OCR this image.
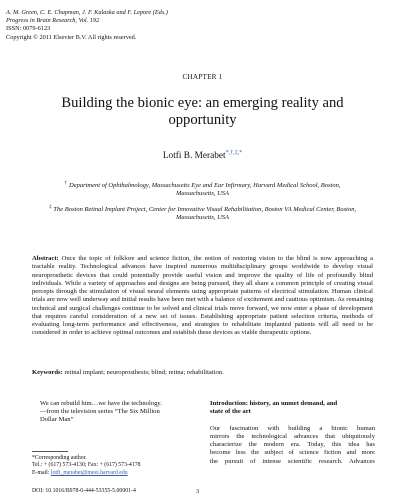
A. M. Green, C. E. Chapman, J. F. Kalaska and F. Lepore (Eds.)
Progress in Brain Research, Vol. 192
ISSN: 0079-6123
Copyright © 2011 Elsevier B.V. All rights reserved.
CHAPTER 1
Building the bionic eye: an emerging reality and
opportunity
Lotfi B. Merabet*,†,‡,*
† Department of Ophthalmology, Massachusetts Eye and Ear Infirmary, Harvard Medical School, Boston,
Massachusetts, USA
‡ The Boston Retinal Implant Project, Center for Innovative Visual Rehabilitation, Boston VA Medical Center, Boston,
Massachusetts, USA
Abstract: Once the topic of folklore and science fiction, the notion of restoring vision to the blind is now approaching a tractable reality. Technological advances have inspired numerous multidisciplinary groups worldwide to develop visual neuroprosthetic devices that could potentially provide useful vision and improve the quality of life of profoundly blind individuals. While a variety of approaches and designs are being pursued, they all share a common principle of creating visual percepts through the stimulation of visual neural elements using appropriate patterns of electrical stimulation. Human clinical trials are now well underway and initial results have been met with a balance of excitement and cautious optimism. As remaining technical and surgical challenges continue to be solved and clinical trials move forward, we now enter a phase of development that requires careful consideration of a new set of issues. Establishing appropriate patient selection criteria, methods of evaluating long-term performance and effectiveness, and strategies to rehabilitate implanted patients will all need to be considered in order to achieve optimal outcomes and establish these devices as viable therapeutic options.
Keywords: retinal implant; neuroprosthesis; blind; retina; rehabilitation.
We can rebuild him…we have the technology.
—from the television series “The Six Million
Dollar Man”
*Corresponding author.
Tel.: + (617) 573-4130; Fax: + (617) 573-4178
E-mail: lotfi_merabet@meei.harvard.edu
DOI: 10.1016/B978-0-444-53355-5.00001-4	3
Introduction: history, an unmet demand, and
state of the art
Our fascination with building a bionic human
mirrors the technological advances that ubiquitously
characterize the modern era. Today, this idea has
become less the subject of science fiction and more
the pursuit of intense scientific research. Advances
